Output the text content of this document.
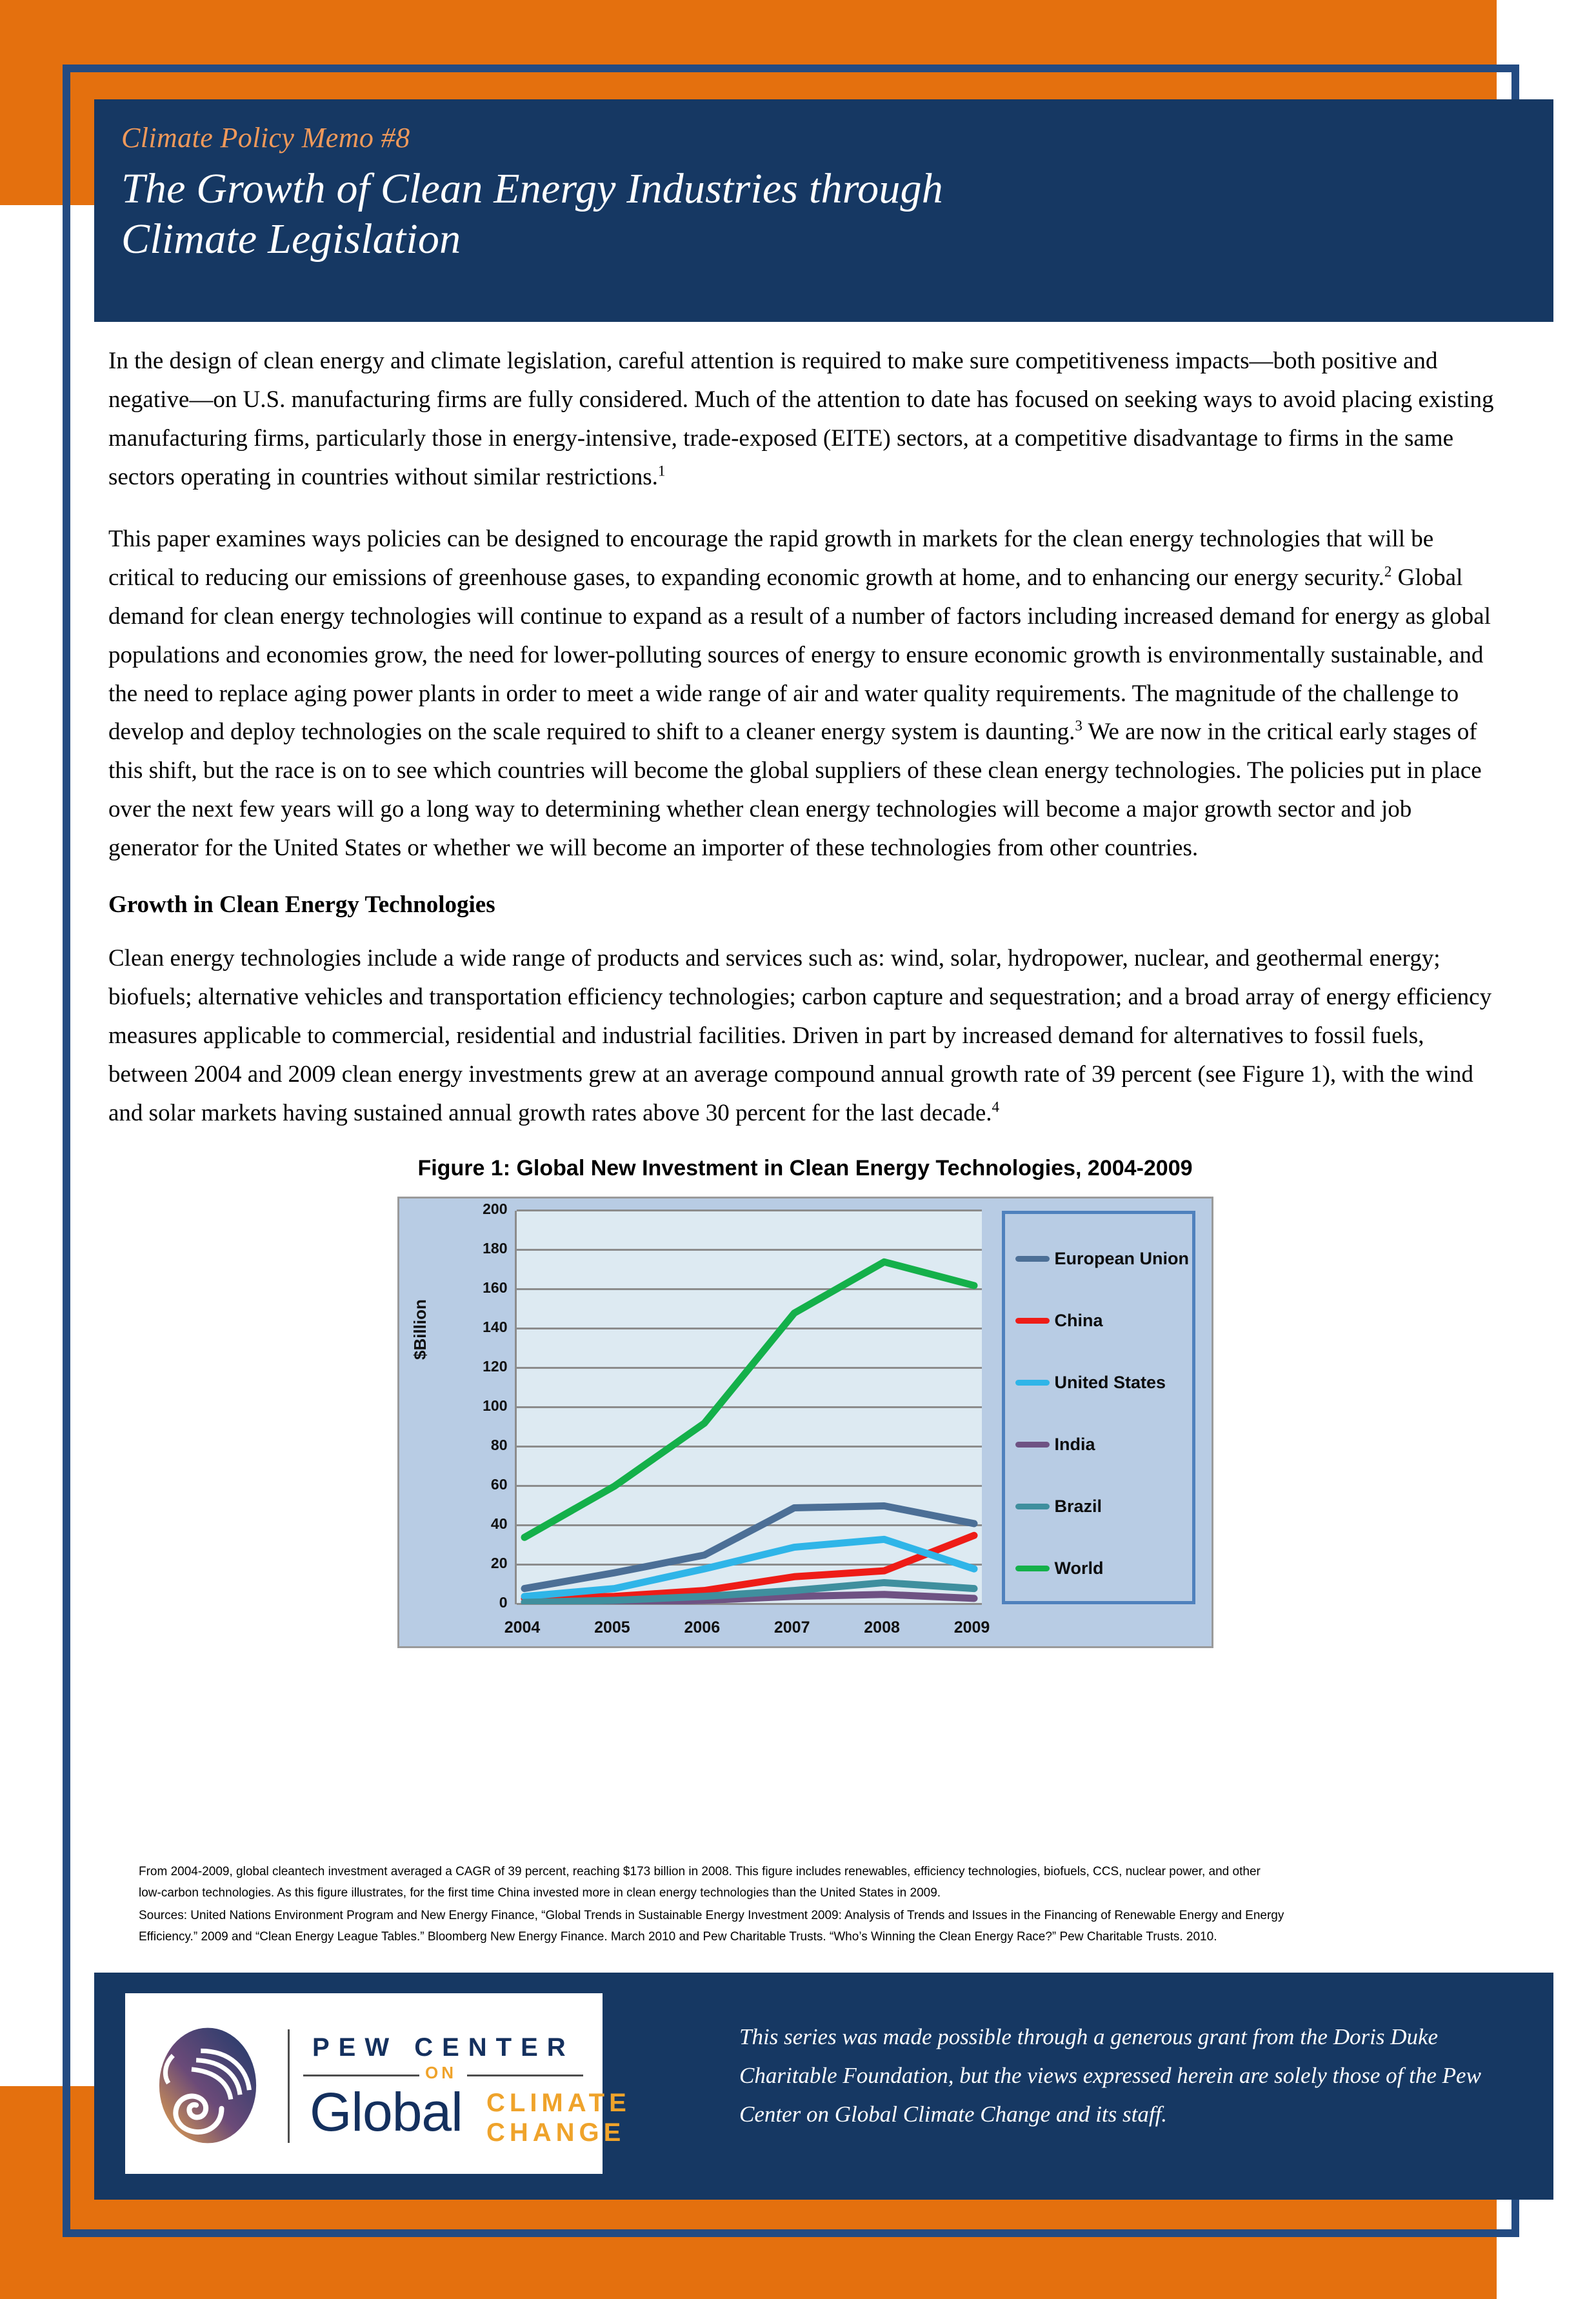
Climate Policy Memo #8
The Growth of Clean Energy Industries through
Climate Legislation

In the design of clean energy and climate legislation, careful attention is required to make sure competitiveness impacts—both positive and negative—on U.S. manufacturing firms are fully considered. Much of the attention to date has focused on seeking ways to avoid placing existing manufacturing firms, particularly those in energy-intensive, trade-exposed (EITE) sectors, at a competitive disadvantage to firms in the same sectors operating in countries without similar restrictions.$^1$

This paper examines ways policies can be designed to encourage the rapid growth in markets for the clean energy technologies that will be critical to reducing our emissions of greenhouse gases, to expanding economic growth at home, and to enhancing our energy security.$^2$ Global demand for clean energy technologies will continue to expand as a result of a number of factors including increased demand for energy as global populations and economies grow, the need for lower-polluting sources of energy to ensure economic growth is environmentally sustainable, and the need to replace aging power plants in order to meet a wide range of air and water quality requirements. The magnitude of the challenge to develop and deploy technologies on the scale required to shift to a cleaner energy system is daunting.$^3$ We are now in the critical early stages of this shift, but the race is on to see which countries will become the global suppliers of these clean energy technologies. The policies put in place over the next few years will go a long way to determining whether clean energy technologies will become a major growth sector and job generator for the United States or whether we will become an importer of these technologies from other countries.

Growth in Clean Energy Technologies

Clean energy technologies include a wide range of products and services such as: wind, solar, hydropower, nuclear, and geothermal energy; biofuels; alternative vehicles and transportation efficiency technologies; carbon capture and sequestration; and a broad array of energy efficiency measures applicable to commercial, residential and industrial facilities. Driven in part by increased demand for alternatives to fossil fuels, between 2004 and 2009 clean energy investments grew at an average compound annual growth rate of 39 percent (see Figure 1), with the wind and solar markets having sustained annual growth rates above 30 percent for the last decade.$^4$

Figure 1: Global New Investment in Clean Energy Technologies, 2004-2009
$Billion
0
20
40
60
80
100
120
140
160
180
200
2004	2005	2006	2007	2008	2009
European Union
China
United States
India
Brazil
World

From 2004-2009, global cleantech investment averaged a CAGR of 39 percent, reaching $173 billion in 2008. This figure includes renewables, efficiency technologies, biofuels, CCS, nuclear power, and other

low-carbon technologies. As this figure illustrates, for the first time China invested more in clean energy technologies than the United States in 2009.

Sources: United Nations Environment Program and New Energy Finance, “Global Trends in Sustainable Energy Investment 2009: Analysis of Trends and Issues in the Financing of Renewable Energy and Energy

Efficiency.” 2009 and “Clean Energy League Tables.” Bloomberg New Energy Finance. March 2010 and Pew Charitable Trusts. “Who’s Winning the Clean Energy Race?” Pew Charitable Trusts. 2010.

PEW CENTER
ON
Global CLIMATE
CHANGE
This series was made possible through a generous grant from the Doris Duke Charitable Foundation, but the views expressed herein are solely those of the Pew Center on Global Climate Change and its staff.
